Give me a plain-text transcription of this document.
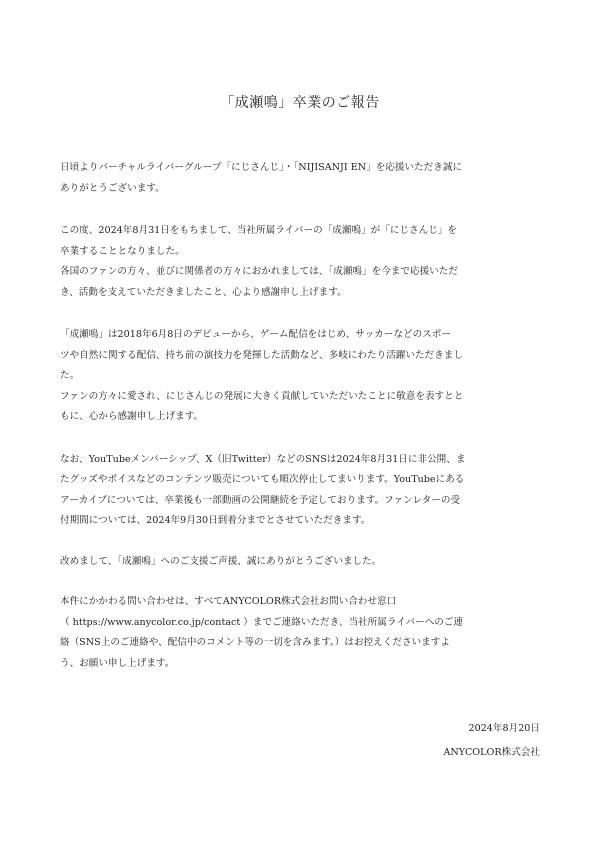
「成瀬鳴」卒業のご報告

日頃よりバーチャルライバーグループ「にじさんじ」・「NIJISANJI EN」を応援いただき誠に

ありがとうございます。

この度、2024年8月31日をもちまして、当社所属ライバーの「成瀬鳴」が「にじさんじ」を

卒業することとなりました。

各国のファンの方々、並びに関係者の方々におかれましては、「成瀬鳴」を今まで応援いただ

き、活動を支えていただきましたこと、心より感謝申し上げます。

「成瀬鳴」は2018年6月8日のデビューから、ゲーム配信をはじめ、サッカーなどのスポー

ツや自然に関する配信、持ち前の演技力を発揮した活動など、多岐にわたり活躍いただきまし

た。

ファンの方々に愛され、にじさんじの発展に大きく貢献していただいたことに敬意を表すとと

もに、心から感謝申し上げます。

なお、YouTubeメンバーシップ、X（旧Twitter）などのSNSは2024年8月31日に非公開、ま

たグッズやボイスなどのコンテンツ販売についても順次停止してまいります。YouTubeにある

アーカイブについては、卒業後も一部動画の公開継続を予定しております。ファンレターの受

付期間については、2024年9月30日到着分までとさせていただきます。

改めまして、「成瀬鳴」へのご支援ご声援、誠にありがとうございました。

本件にかかわる問い合わせは、すべてANYCOLOR株式会社お問い合わせ窓口

（ https://www.anycolor.co.jp/contact ）までご連絡いただき、当社所属ライバーへのご連

絡（SNS上のご連絡や、配信中のコメント等の一切を含みます。）はお控えくださいますよ

う、お願い申し上げます。

2024年8月20日
ANYCOLOR株式会社
